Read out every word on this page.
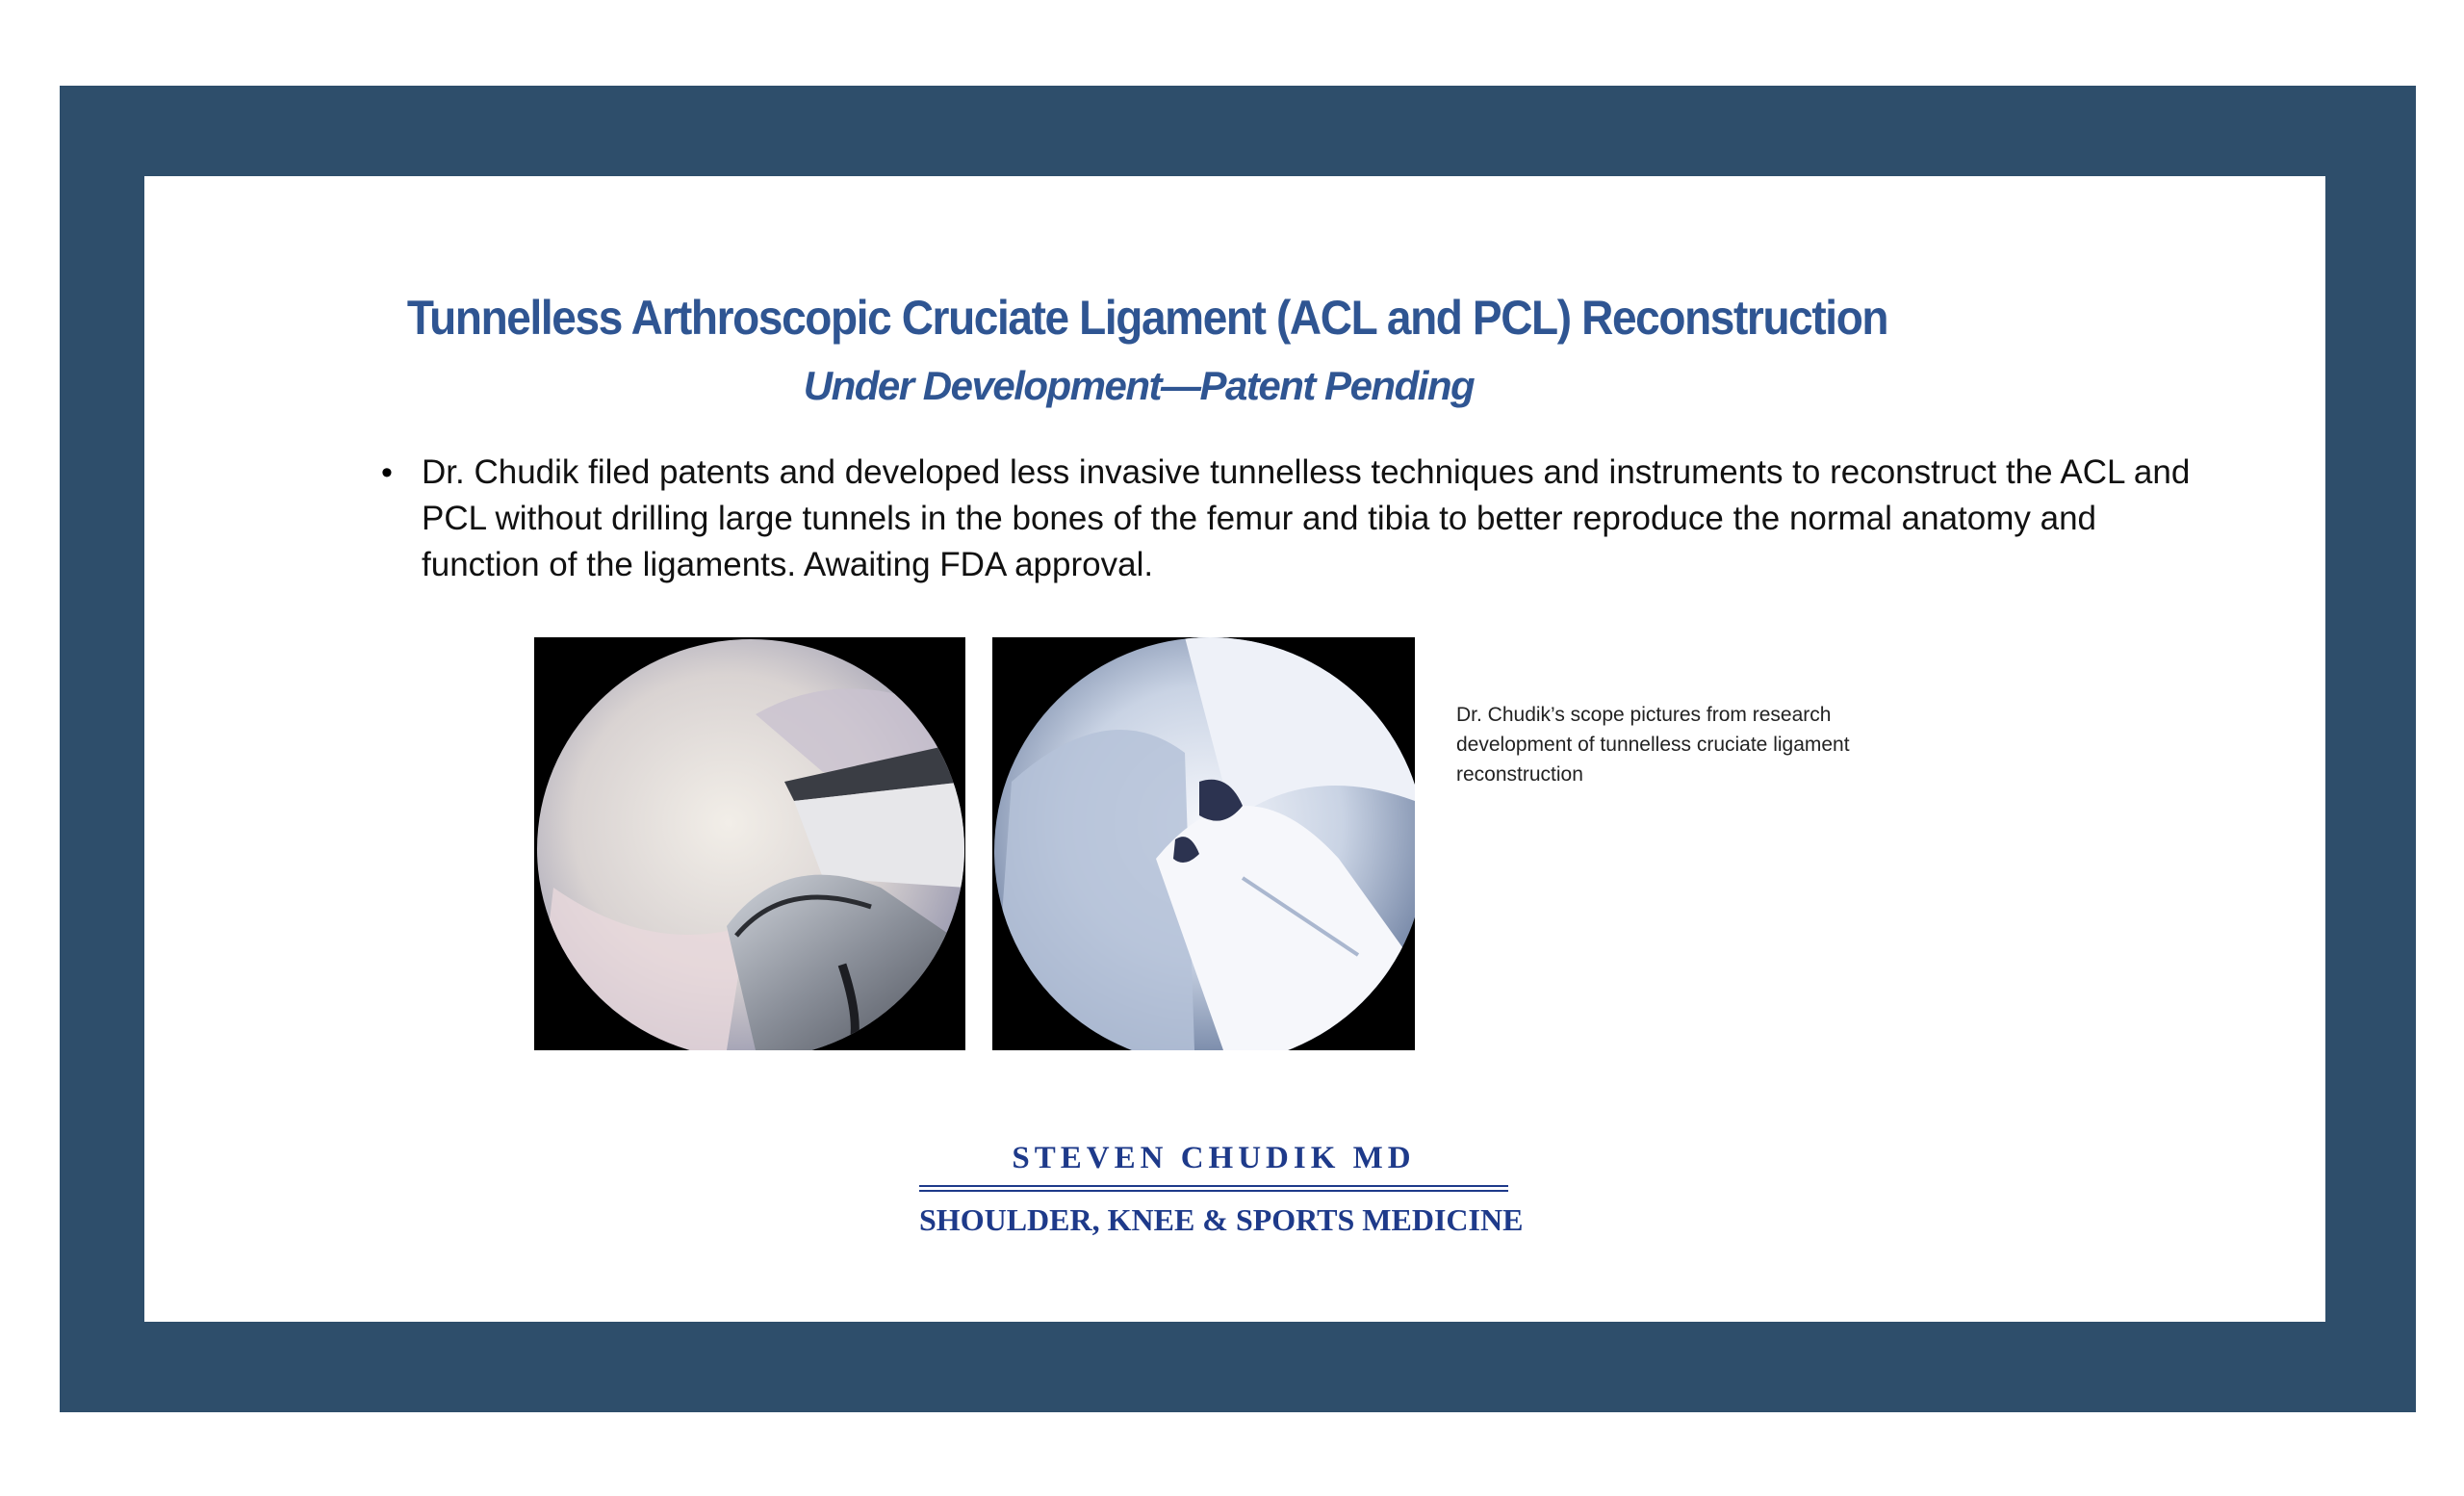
Tunnelless Arthroscopic Cruciate Ligament (ACL and PCL) Reconstruction
Under Development—Patent Pending
• Dr. Chudik filed patents and developed less invasive tunnelless techniques and instruments to reconstruct the ACL and PCL without drilling large tunnels in the bones of the femur and tibia to better reproduce the normal anatomy and function of the ligaments. Awaiting FDA approval.
Dr. Chudik’s scope pictures from research development of tunnelless cruciate ligament reconstruction
STEVEN CHUDIK MD
SHOULDER, KNEE & SPORTS MEDICINE
